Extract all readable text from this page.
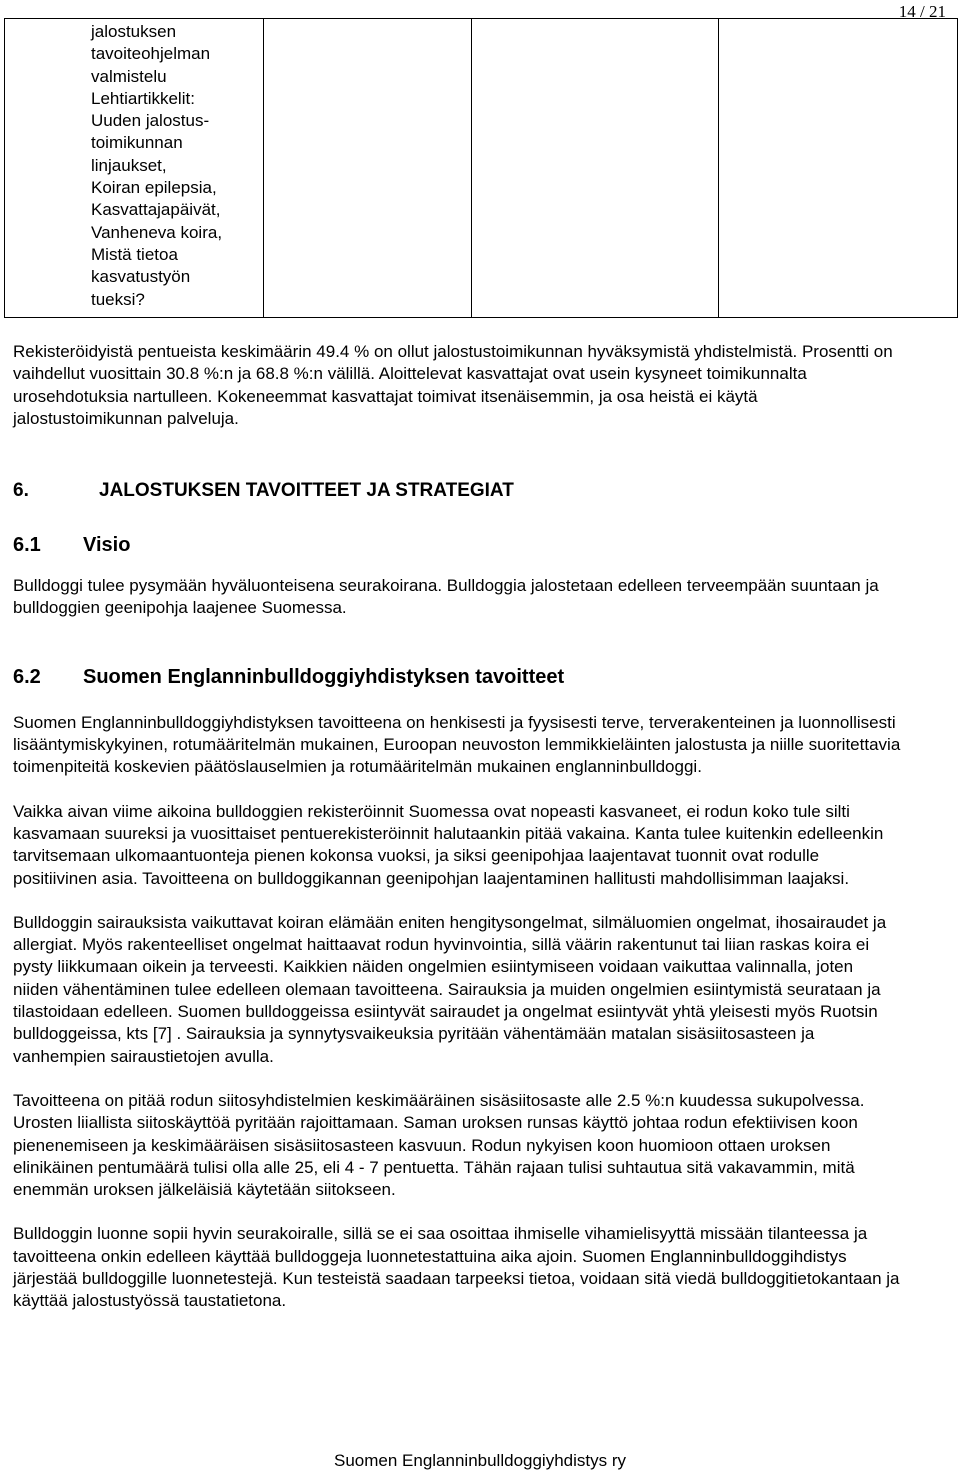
14 / 21
jalostuksen
tavoiteohjelman
valmistelu
Lehtiartikkelit:
Uuden jalostus-
toimikunnan
linjaukset,
Koiran epilepsia,
Kasvattajapäivät,
Vanheneva koira,
Mistä tietoa
kasvatustyön
tueksi?

Rekisteröidyistä pentueista keskimäärin 49.4 % on ollut jalostustoimikunnan hyväksymistä yhdistelmistä. Prosentti on vaihdellut vuosittain 30.8 %:n ja 68.8 %:n välillä. Aloittelevat kasvattajat ovat usein kysyneet toimikunnalta urosehdotuksia nartulleen. Kokeneemmat kasvattajat toimivat itsenäisemmin, ja osa heistä ei käytä jalostustoimikunnan palveluja.

6.	JALOSTUKSEN TAVOITTEET JA STRATEGIAT
6.1	Visio

Bulldoggi tulee pysymään hyväluonteisena seurakoirana. Bulldoggia jalostetaan edelleen terveempään suuntaan ja bulldoggien geenipohja laajenee Suomessa.

6.2	Suomen Englanninbulldoggiyhdistyksen tavoitteet

Suomen Englanninbulldoggiyhdistyksen tavoitteena on henkisesti ja fyysisesti terve, terverakenteinen ja luonnollisesti lisääntymiskykyinen, rotumääritelmän mukainen, Euroopan neuvoston lemmikkieläinten jalostusta ja niille suoritettavia toimenpiteitä koskevien päätöslauselmien ja rotumääritelmän mukainen englanninbulldoggi.

Vaikka aivan viime aikoina bulldoggien rekisteröinnit Suomessa ovat nopeasti kasvaneet, ei rodun koko tule silti kasvamaan suureksi ja vuosittaiset pentuerekisteröinnit halutaankin pitää vakaina. Kanta tulee kuitenkin edelleenkin tarvitsemaan ulkomaantuonteja pienen kokonsa vuoksi, ja siksi geenipohjaa laajentavat tuonnit ovat rodulle positiivinen asia. Tavoitteena on bulldoggikannan geenipohjan laajentaminen hallitusti mahdollisimman laajaksi.

Bulldoggin sairauksista vaikuttavat koiran elämään eniten hengitysongelmat, silmäluomien ongelmat, ihosairaudet ja allergiat. Myös rakenteelliset ongelmat haittaavat rodun hyvinvointia, sillä väärin rakentunut tai liian raskas koira ei pysty liikkumaan oikein ja terveesti. Kaikkien näiden ongelmien esiintymiseen voidaan vaikuttaa valinnalla, joten niiden vähentäminen tulee edelleen olemaan tavoitteena. Sairauksia ja muiden ongelmien esiintymistä seurataan ja tilastoidaan edelleen. Suomen bulldoggeissa esiintyvät sairaudet ja ongelmat esiintyvät yhtä yleisesti myös Ruotsin bulldoggeissa, kts [7] . Sairauksia ja synnytysvaikeuksia pyritään vähentämään matalan sisäsiitosasteen ja vanhempien sairaustietojen avulla.

Tavoitteena on pitää rodun siitosyhdistelmien keskimääräinen sisäsiitosaste alle 2.5 %:n kuudessa sukupolvessa. Urosten liiallista siitoskäyttöä pyritään rajoittamaan. Saman uroksen runsas käyttö johtaa rodun efektiivisen koon pienenemiseen ja keskimääräisen sisäsiitosasteen kasvuun. Rodun nykyisen koon huomioon ottaen uroksen elinikäinen pentumäärä tulisi olla alle 25, eli 4 - 7 pentuetta. Tähän rajaan tulisi suhtautua sitä vakavammin, mitä enemmän uroksen jälkeläisiä käytetään siitokseen.

Bulldoggin luonne sopii hyvin seurakoiralle, sillä se ei saa osoittaa ihmiselle vihamielisyyttä missään tilanteessa ja tavoitteena onkin edelleen käyttää bulldoggeja luonnetestattuina aika ajoin. Suomen Englanninbulldoggihdistys järjestää bulldoggille luonnetestejä. Kun testeistä saadaan tarpeeksi tietoa, voidaan sitä viedä bulldoggitietokantaan ja käyttää jalostustyössä taustatietona.

Suomen Englanninbulldoggiyhdistys ry
